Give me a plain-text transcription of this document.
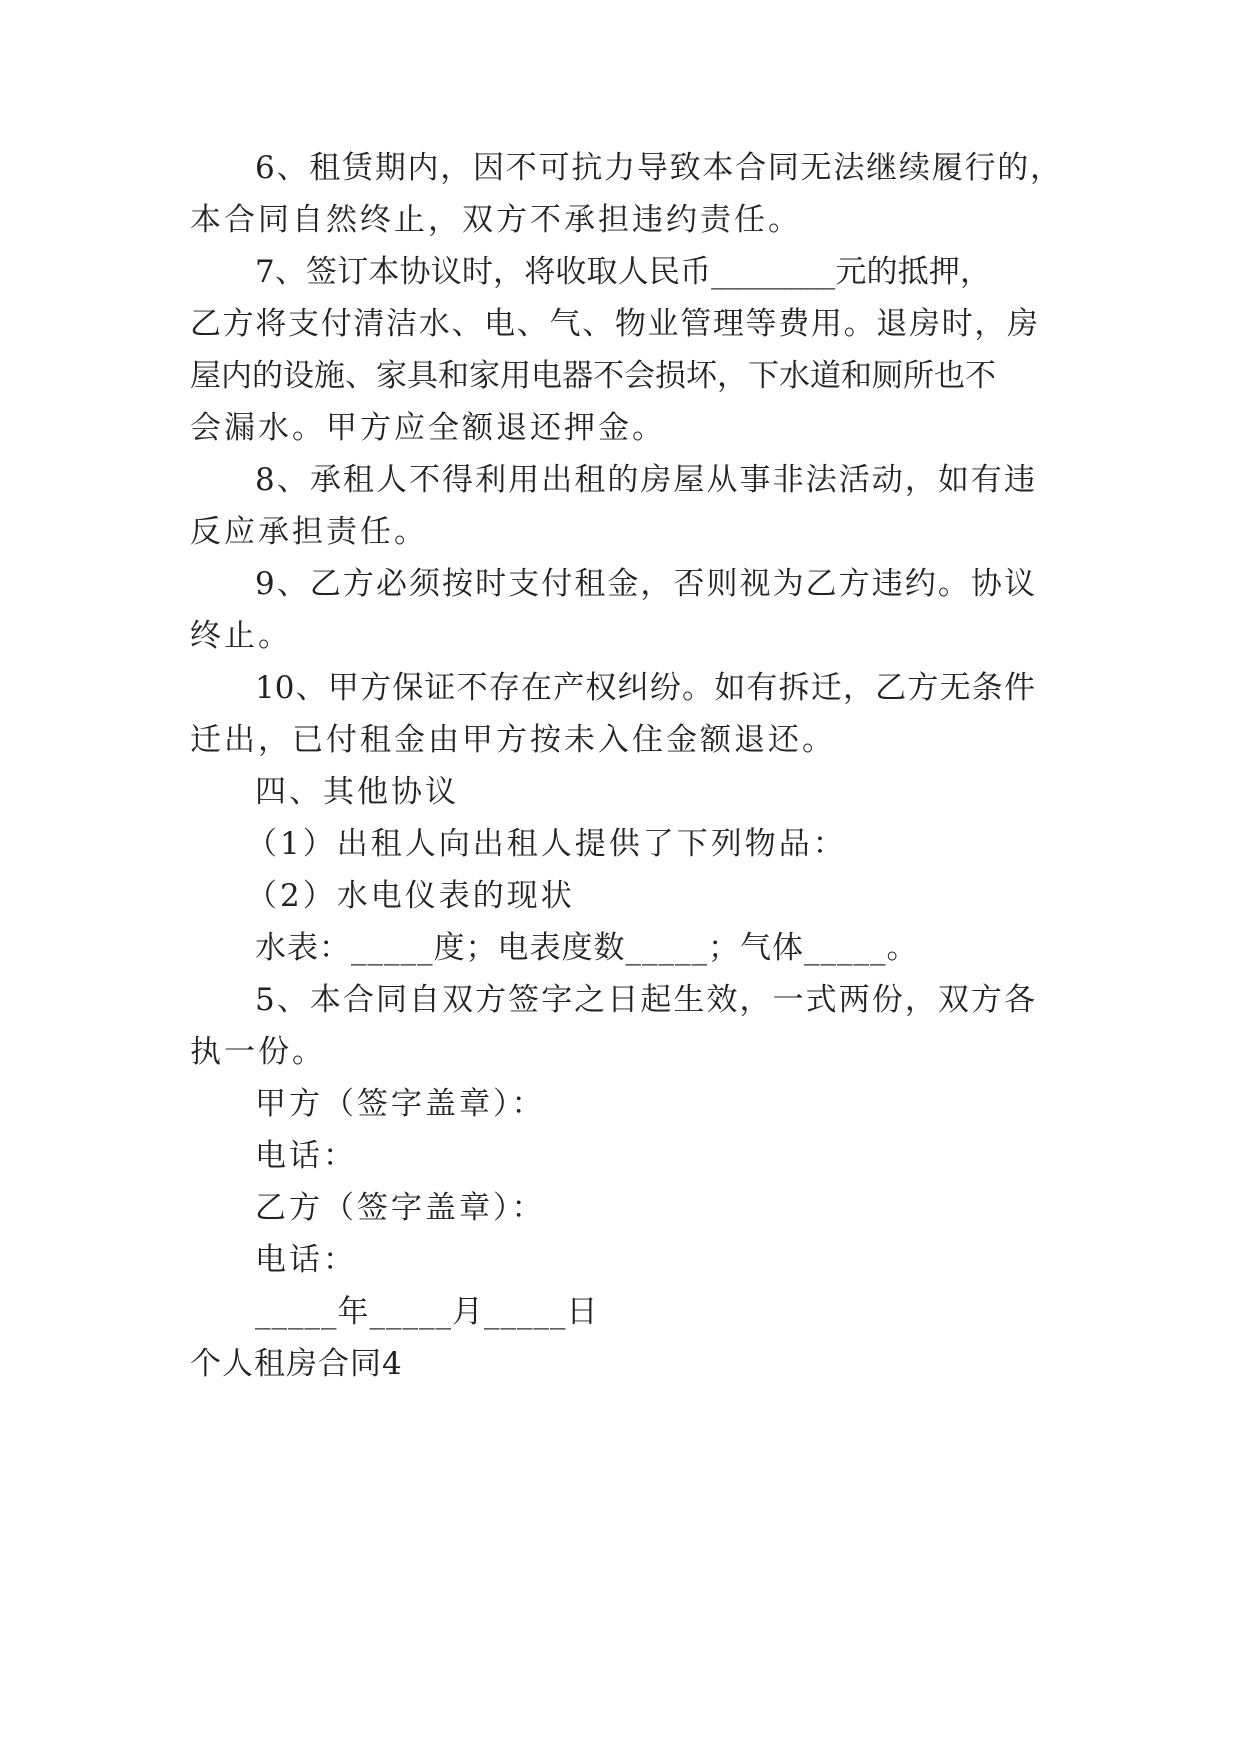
6、租赁期内，因不可抗力导致本合同无法继续履行的，
本合同自然终止，双方不承担违约责任。
7、签订本协议时，将收取人民币________元的抵押，
乙方将支付清洁水、电、气、物业管理等费用。退房时，房
屋内的设施、家具和家用电器不会损坏，下水道和厕所也不
会漏水。甲方应全额退还押金。
8、承租人不得利用出租的房屋从事非法活动，如有违
反应承担责任。
9、乙方必须按时支付租金，否则视为乙方违约。协议
终止。
10、甲方保证不存在产权纠纷。如有拆迁，乙方无条件
迁出，已付租金由甲方按未入住金额退还。
四、其他协议
（1）出租人向出租人提供了下列物品：
（2）水电仪表的现状
水表：_____度；电表度数_____；气体_____。
5、本合同自双方签字之日起生效，一式两份，双方各
执一份。
甲方（签字盖章）：
电话：
乙方（签字盖章）：
电话：
_____年_____月_____日
个人租房合同4
